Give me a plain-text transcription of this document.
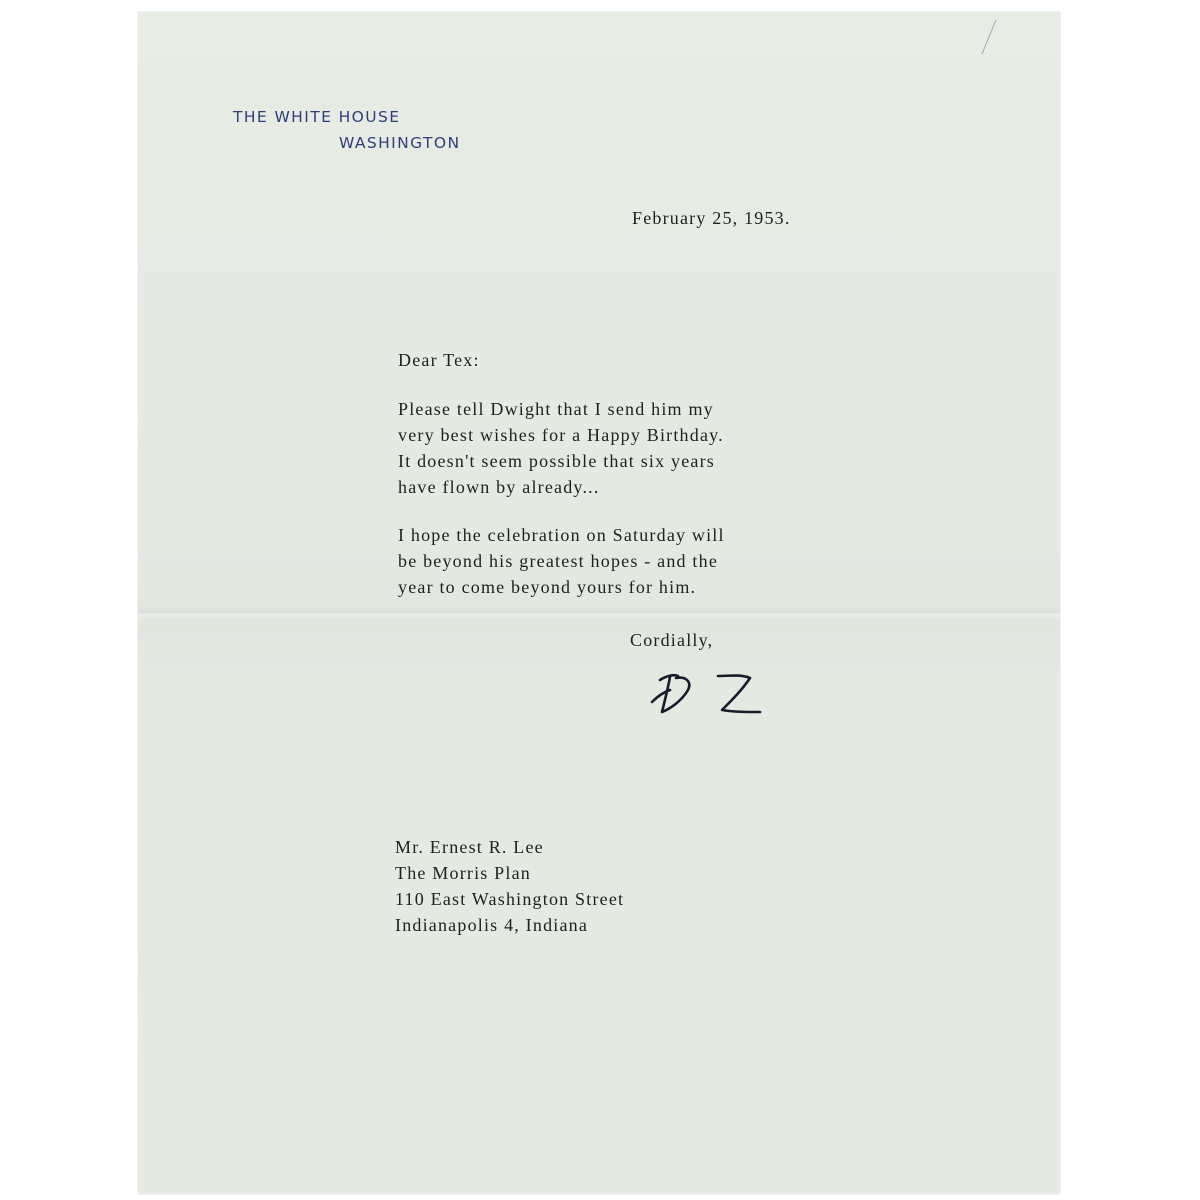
THE WHITE HOUSE
WASHINGTON
February 25, 1953.
Dear Tex:
Please tell Dwight that I send him my
very best wishes for a Happy Birthday.
It doesn't seem possible that six years
have flown by already...
I hope the celebration on Saturday will
be beyond his greatest hopes - and the
year to come beyond yours for him.
Cordially,
Mr. Ernest R. Lee
The Morris Plan
110 East Washington Street
Indianapolis 4, Indiana
